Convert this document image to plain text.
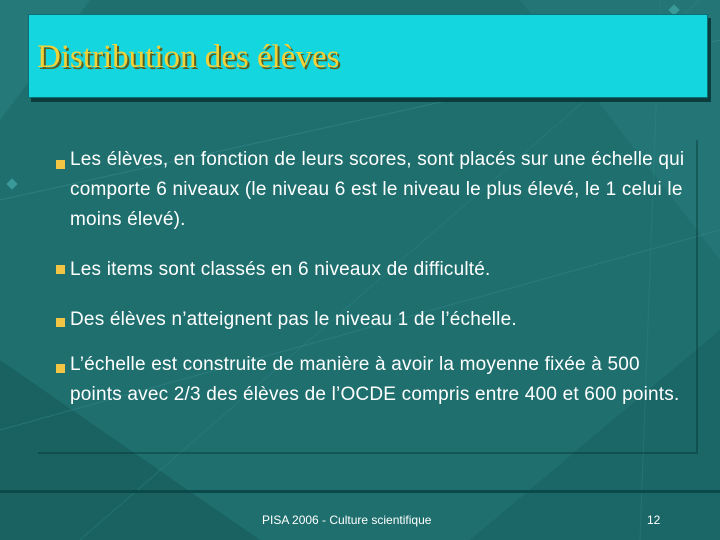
Distribution des élèves
Les élèves, en fonction de leurs scores, sont placés sur une échelle qui comporte 6 niveaux (le niveau 6 est le niveau le plus élevé, le 1 celui le moins élevé).
Les items sont classés en 6 niveaux de difficulté.
Des élèves n’atteignent pas le niveau 1 de l’échelle.
L’échelle est construite de manière à avoir la moyenne fixée à 500 points avec 2/3 des élèves de l’OCDE compris entre 400 et 600 points.
PISA 2006 - Culture scientifique	12
